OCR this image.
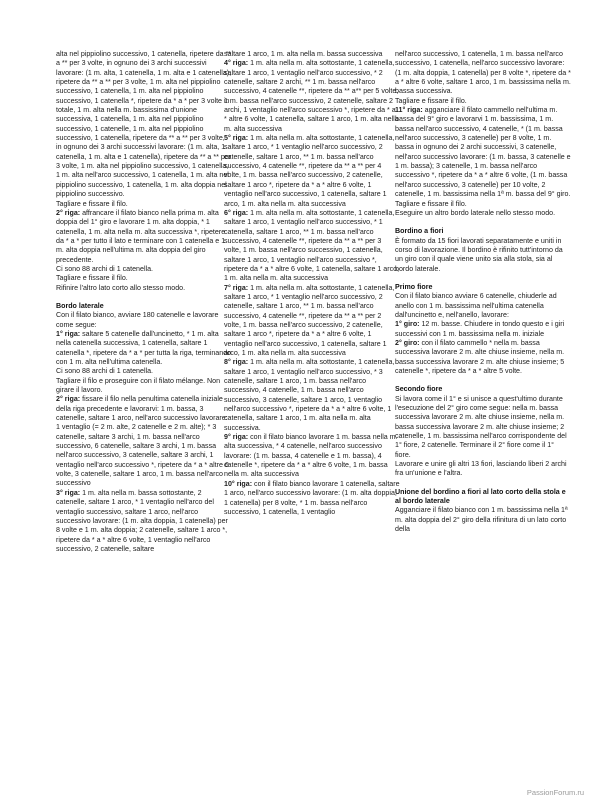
alta nel pippiolino successivo, 1 catenella, ripetere da ** a ** per 3 volte, in ognuno dei 3 archi successivi lavorare: (1 m. alta, 1 catenella, 1 m. alta e 1 catenella), ripetere da ** a ** per 3 volte, 1 m. alta nel pippiolino successivo, 1 catenella, 1 m. alta nel pippiolino successivo, 1 catenella *, ripetere da * a * per 3 volte in totale, 1 m. alta nella m. bassissima d'unione successiva, 1 catenella, 1 m. alta nel pippiolino successivo, 1 catenelle, 1 m. alta nel pippiolino successivo, 1 catenella, ripetere da ** a ** per 3 volte, in ognuno dei 3 archi successivi lavorare: (1 m. alta, 1 catenella, 1 m. alta e 1 catenella), ripetere da ** a ** per 3 volte, 1 m. alta nel pippiolino successivo, 1 catenella, 1 m. alta nell'arco successivo, 1 catenella, 1 m. alta nel pippiolino successivo, 1 catenella, 1 m. alta doppia nel pippiolino successivo.

Tagliare e fissare il filo.

2° riga: affrancare il filato bianco nella prima m. alta doppia del 1° giro e lavorare 1 m. alta doppia, * 1 catenella, 1 m. alta nella m. alta successiva *, ripetere da * a * per tutto il lato e terminare con 1 catenella e 1 m. alta doppia nell'ultima m. alta doppia del giro precedente.

Ci sono 88 archi di 1 catenella.

Tagliare e fissare il filo.

Rifinire l'altro lato corto allo stesso modo.

Bordo laterale

Con il filato bianco, avviare 180 catenelle e lavorare come segue:

1° riga: saltare 5 catenelle dall'uncinetto, * 1 m. alta nella catenella successiva, 1 catenella, saltare 1 catenella *, ripetere da * a * per tutta la riga, terminando con 1 m. alta nell'ultima catenella.

Ci sono 88 archi di 1 catenella.

Tagliare il filo e proseguire con il filato mélange. Non girare il lavoro.

2° riga: fissare il filo nella penultima catenella iniziale della riga precedente e lavorarvi: 1 m. bassa, 3 catenelle, saltare 1 arco, nell'arco successivo lavorare: 1 ventaglio (= 2 m. alte, 2 catenelle e 2 m. alte); * 3 catenelle, saltare 3 archi, 1 m. bassa nell'arco successivo, 6 catenelle, saltare 3 archi, 1 m. bassa nell'arco successivo, 3 catenelle, saltare 3 archi, 1 ventaglio nell'arco successivo *, ripetere da * a * altre 6 volte, 3 catenelle, saltare 1 arco, 1 m. bassa nell'arco successivo

3° riga: 1 m. alta nella m. bassa sottostante, 2 catenelle, saltare 1 arco, * 1 ventaglio nell'arco del ventaglio successivo, saltare 1 arco, nell'arco successivo lavorare: (1 m. alta doppia, 1 catenella) per 8 volte e 1 m. alta doppia; 2 catenelle, saltare 1 arco *, ripetere da * a * altre 6 volte, 1 ventaglio nell'arco successivo, 2 catenelle, saltare

saltare 1 arco, 1 m. alta nella m. bassa successiva

4° riga: 1 m. alta nella m. alta sottostante, 1 catenella, saltare 1 arco, 1 ventaglio nell'arco successivo, * 2 catenelle, saltare 2 archi, ** 1 m. bassa nell'arco successivo, 4 catenelle **, ripetere da ** a** per 5 volte, 1 m. bassa nell'arco successivo, 2 catenelle, saltare 2 archi, 1 ventaglio nell'arco successivo *, ripetere da * a * altre 6 volte, 1 catenella, saltare 1 arco, 1 m. alta nella m. alta successiva

5° riga: 1 m. alta nella m. alta sottostante, 1 catenella, saltare 1 arco, * 1 ventaglio nell'arco successivo, 2 catenelle, saltare 1 arco, ** 1 m. bassa nell'arco successivo, 4 catenelle **, ripetere da ** a ** per 4 volte, 1 m. bassa nell'arco successivo, 2 catenelle, saltare 1 arco *, ripetere da * a * altre 6 volte, 1 ventaglio nell'arco successivo, 1 catenella, saltare 1 arco, 1 m. alta nella m. alta successiva

6° riga: 1 m. alta nella m. alta sottostante, 1 catenella, saltare 1 arco, 1 ventaglio nell'arco successivo, * 1 catenella, saltare 1 arco, ** 1 m. bassa nell'arco successivo, 4 catenelle **, ripetere da ** a ** per 3 volte, 1 m. bassa nell'arco successivo, 1 catenella, saltare 1 arco, 1 ventaglio nell'arco successivo *, ripetere da * a * altre 6 volte, 1 catenella, saltare 1 arco, 1 m. alta nella m. alta successiva

7° riga: 1 m. alta nella m. alta sottostante, 1 catenella, saltare 1 arco, * 1 ventaglio nell'arco successivo, 2 catenelle, saltare 1 arco, ** 1 m. bassa nell'arco successivo, 4 catenelle **, ripetere da ** a ** per 2 volte, 1 m. bassa nell'arco successivo, 2 catenelle, saltare 1 arco *, ripetere da * a * altre 6 volte, 1 ventaglio nell'arco successivo, 1 catenella, saltare 1 arco, 1 m. alta nella m. alta successiva

8° riga: 1 m. alta nella m. alta sottostante, 1 catenella, saltare 1 arco, 1 ventaglio nell'arco successivo, * 3 catenelle, saltare 1 arco, 1 m. bassa nell'arco successivo, 4 catenelle, 1 m. bassa nell'arco successivo, 3 catenelle, saltare 1 arco, 1 ventaglio nell'arco successivo *, ripetere da * a * altre 6 volte, 1 catenella, saltare 1 arco, 1 m. alta nella m. alta successiva.

9° riga: con il filato bianco lavorare 1 m. bassa nella m. alta successiva, * 4 catenelle, nell'arco successivo lavorare: (1 m. bassa, 4 catenelle e 1 m. bassa), 4 catenelle *, ripetere da * a * altre 6 volte, 1 m. bassa nella m. alta successiva

10° riga: con il filato bianco lavorare 1 catenella, saltare 1 arco, nell'arco successivo lavorare: (1 m. alta doppia, 1 catenella) per 8 volte, * 1 m. bassa nell'arco successivo, 1 catenella, 1 ventaglio

nell'arco successivo, 1 catenella, 1 m. bassa nell'arco successivo, 1 catenella, nell'arco successivo lavorare: (1 m. alta doppia, 1 catenella) per 8 volte *, ripetere da * a * altre 6 volte, saltare 1 arco, 1 m. bassissima nella m. bassa successiva.

Tagliare e fissare il filo.

11° riga: agganciare il filato cammello nell'ultima m. bassa del 9° giro e lavorarvi 1 m. bassissima, 1 m. bassa nell'arco successivo, 4 catenelle, * (1 m. bassa nell'arco successivo, 3 catenelle) per 8 volte, 1 m. bassa in ognuno dei 2 archi successivi, 3 catenelle, nell'arco successivo lavorare: (1 m. bassa, 3 catenelle e 1 m. bassa); 3 catenelle, 1 m. bassa nell'arco successivo *, ripetere da * a * altre 6 volte, (1 m. bassa nell'arco successivo, 3 catenelle) per 10 volte, 2 catenelle, 1 m. bassissima nella 1ª m. bassa del 9° giro. Tagliare e fissare il filo.

Eseguire un altro bordo laterale nello stesso modo.

Bordino a fiori

È formato da 15 fiori lavorati separatamente e uniti in corso di lavorazione. Il bordino è rifinito tutt'intorno da un giro con il quale viene unito sia alla stola, sia al bordo laterale.

Primo fiore

Con il filato bianco avviare 6 catenelle, chiuderle ad anello con 1 m. bassissima nell'ultima catenella dall'uncinetto e, nell'anello, lavorare:

1° giro: 12 m. basse. Chiudere in tondo questo e i giri successivi con 1 m. bassissima nella m. iniziale

2° giro: con il filato cammello * nella m. bassa successiva lavorare 2 m. alte chiuse insieme, nella m. bassa successiva lavorare 2 m. alte chiuse insieme; 5 catenelle *, ripetere da * a * altre 5 volte.

Secondo fiore

Si lavora come il 1° e si unisce a quest'ultimo durante l'esecuzione del 2° giro come segue: nella m. bassa successiva lavorare 2 m. alte chiuse insieme, nella m. bassa successiva lavorare 2 m. alte chiuse insieme; 2 catenelle, 1 m. bassissima nell'arco corrispondente del 1° fiore, 2 catenelle. Terminare il 2° fiore come il 1° fiore.

Lavorare e unire gli altri 13 fiori, lasciando liberi 2 archi fra un'unione e l'altra.

Unione del bordino a fiori al lato corto della stola e al bordo laterale

Agganciare il filato bianco con 1 m. bassissima nella 1ª m. alta doppia del 2° giro della rifinitura di un lato corto della

PassionForum.ru
